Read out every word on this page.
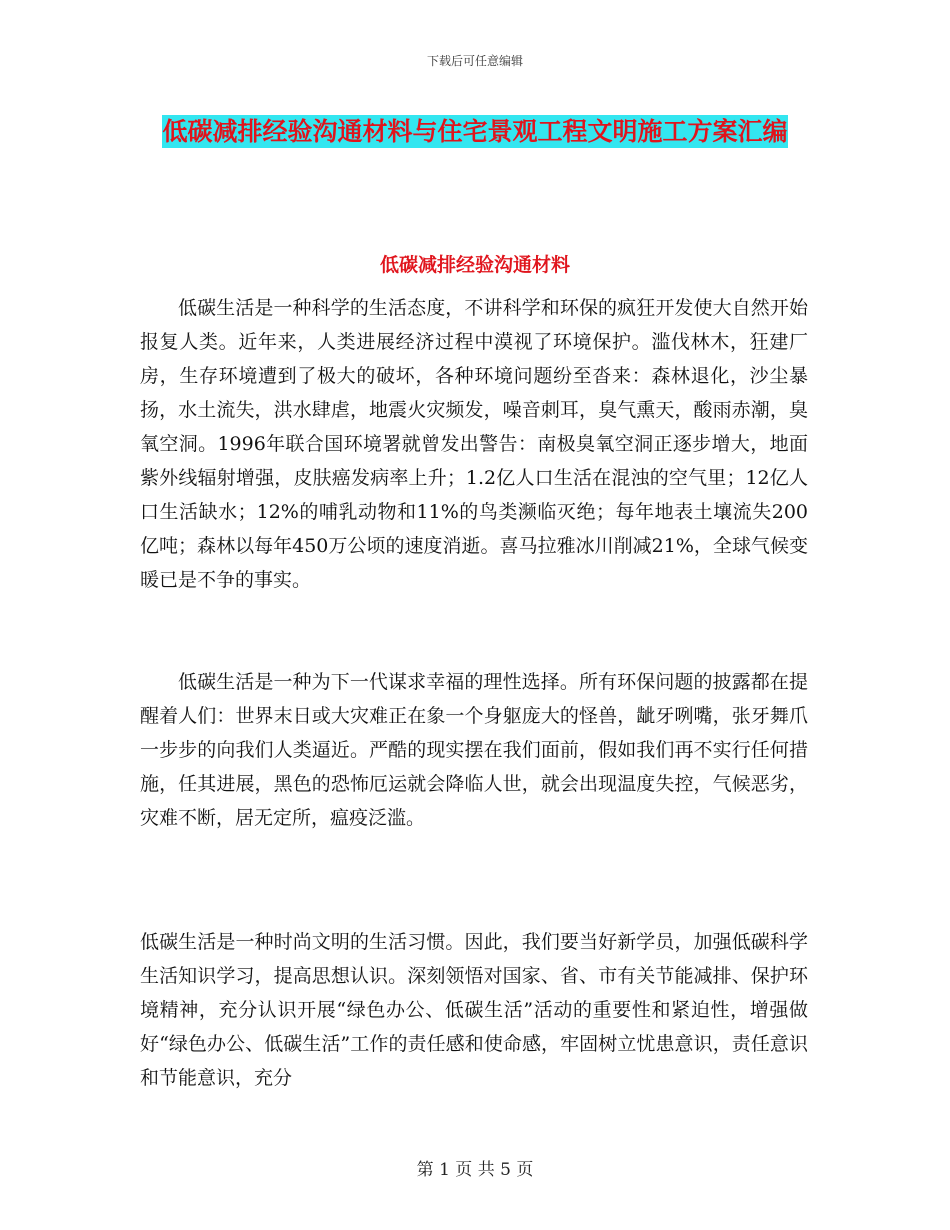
下载后可任意编辑
低碳减排经验沟通材料与住宅景观工程文明施工方案汇编
低碳减排经验沟通材料

低碳生活是一种科学的生活态度，不讲科学和环保的疯狂开发使大自然开始报复人类。近年来，人类进展经济过程中漠视了环境保护。滥伐林木，狂建厂房，生存环境遭到了极大的破坏，各种环境问题纷至沓来：森林退化，沙尘暴扬，水土流失，洪水肆虐，地震火灾频发，噪音刺耳，臭气熏天，酸雨赤潮，臭氧空洞。1996年联合国环境署就曾发出警告：南极臭氧空洞正逐步增大，地面紫外线辐射增强，皮肤癌发病率上升；1.2亿人口生活在混浊的空气里；12亿人口生活缺水；12%的哺乳动物和11%的鸟类濒临灭绝；每年地表土壤流失200亿吨；森林以每年450万公顷的速度消逝。喜马拉雅冰川削减21%，全球气候变暖已是不争的事实。

低碳生活是一种为下一代谋求幸福的理性选择。所有环保问题的披露都在提醒着人们：世界末日或大灾难正在象一个身躯庞大的怪兽，龇牙咧嘴，张牙舞爪一步步的向我们人类逼近。严酷的现实摆在我们面前，假如我们再不实行任何措施，任其进展，黑色的恐怖厄运就会降临人世，就会出现温度失控，气候恶劣，灾难不断，居无定所，瘟疫泛滥。

低碳生活是一种时尚文明的生活习惯。因此，我们要当好新学员，加强低碳科学生活知识学习，提高思想认识。深刻领悟对国家、省、市有关节能减排、保护环境精神，充分认识开展“绿色办公、低碳生活”活动的重要性和紧迫性，增强做好“绿色办公、低碳生活”工作的责任感和使命感，牢固树立忧患意识，责任意识和节能意识，充分

第 1 页 共 5 页
